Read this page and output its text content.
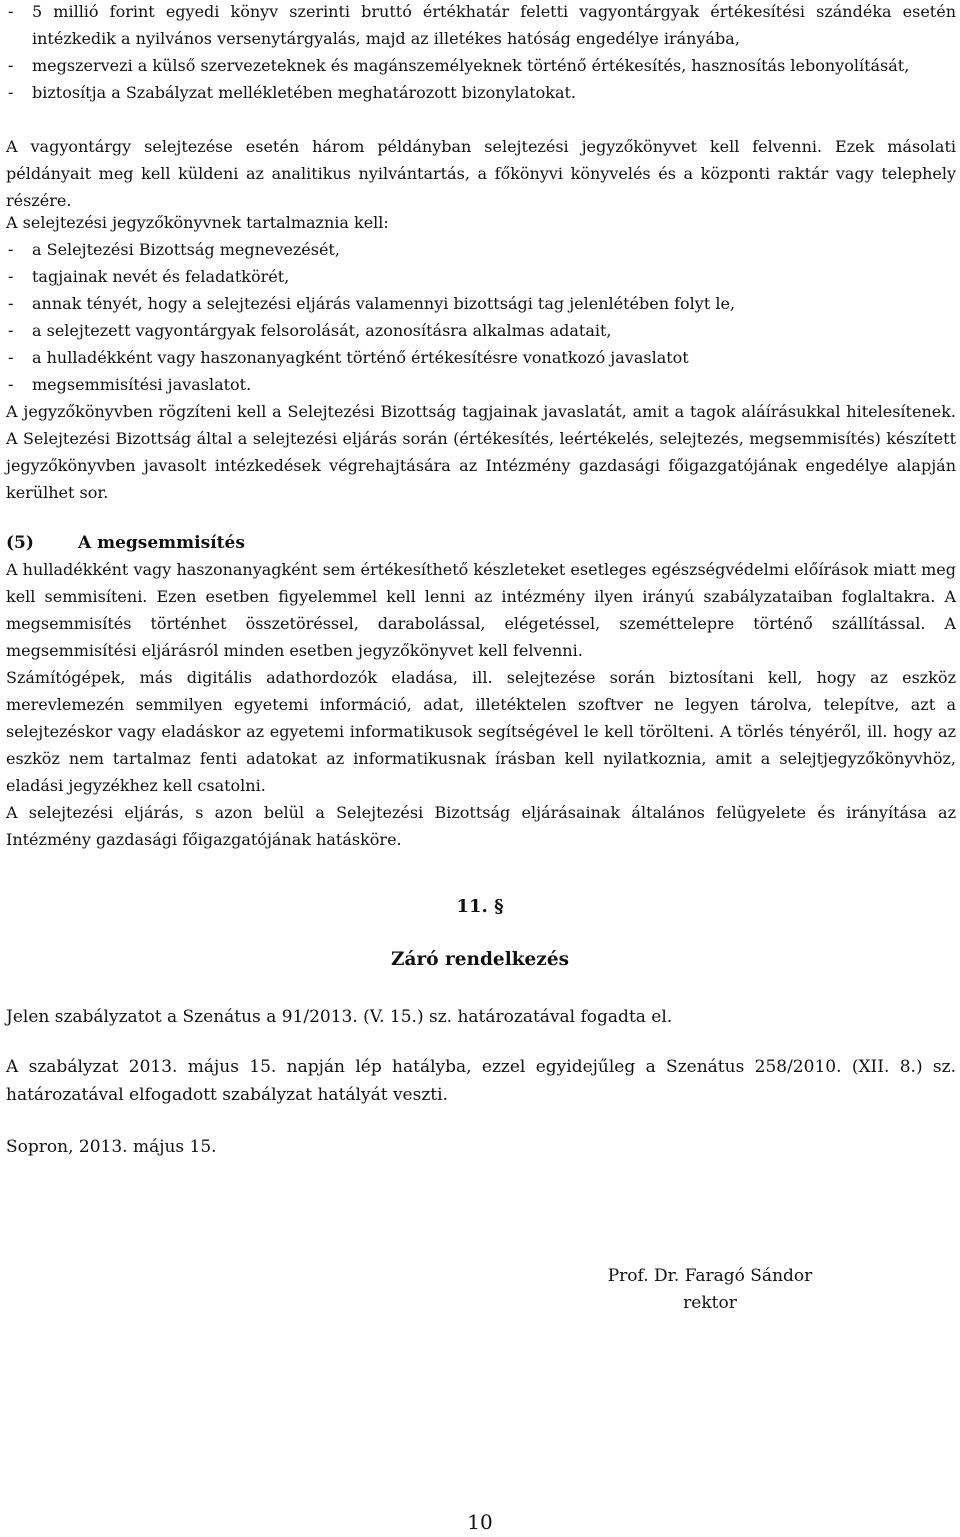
-	5 millió forint egyedi könyv szerinti bruttó értékhatár feletti vagyontárgyak értékesítési szándéka esetén intézkedik a nyilvános versenytárgyalás, majd az illetékes hatóság engedélye irányába,
-	megszervezi a külső szervezeteknek és magánszemélyeknek történő értékesítés, hasznosítás lebonyolítását,
-	biztosítja a Szabályzat mellékletében meghatározott bizonylatokat.
A vagyontárgy selejtezése esetén három példányban selejtezési jegyzőkönyvet kell felvenni. Ezek másolati példányait meg kell küldeni az analitikus nyilvántartás, a főkönyvi könyvelés és a központi raktár vagy telephely részére.

A selejtezési jegyzőkönyvnek tartalmaznia kell:

-	a Selejtezési Bizottság megnevezését,
-	tagjainak nevét és feladatkörét,
-	annak tényét, hogy a selejtezési eljárás valamennyi bizottsági tag jelenlétében folyt le,
-	a selejtezett vagyontárgyak felsorolását, azonosításra alkalmas adatait,
-	a hulladékként vagy haszonanyagként történő értékesítésre vonatkozó javaslatot
-	megsemmisítési javaslatot.
A jegyzőkönyvben rögzíteni kell a Selejtezési Bizottság tagjainak javaslatát, amit a tagok aláírásukkal hitelesítenek. A Selejtezési Bizottság által a selejtezési eljárás során (értékesítés, leértékelés, selejtezés, megsemmisítés) készített jegyzőkönyvben javasolt intézkedések végrehajtására az Intézmény gazdasági főigazgatójának engedélye alapján kerülhet sor.
(5)	A megsemmisítés

A hulladékként vagy haszonanyagként sem értékesíthető készleteket esetleges egészségvédelmi előírások miatt meg kell semmisíteni. Ezen esetben figyelemmel kell lenni az intézmény ilyen irányú szabályzataiban foglaltakra. A megsemmisítés történhet összetöréssel, darabolással, elégetéssel, szeméttelepre történő szállítással. A megsemmisítési eljárásról minden esetben jegyzőkönyvet kell felvenni.

Számítógépek, más digitális adathordozók eladása, ill. selejtezése során biztosítani kell, hogy az eszköz merevlemezén semmilyen egyetemi információ, adat, illetéktelen szoftver ne legyen tárolva, telepítve, azt a selejtezéskor vagy eladáskor az egyetemi informatikusok segítségével le kell törölteni. A törlés tényéről, ill. hogy az eszköz nem tartalmaz fenti adatokat az informatikusnak írásban kell nyilatkoznia, amit a selejtjegyzőkönyvhöz, eladási jegyzékhez kell csatolni.

A selejtezési eljárás, s azon belül a Selejtezési Bizottság eljárásainak általános felügyelete és irányítása az Intézmény gazdasági főigazgatójának hatásköre.

11. §
Záró rendelkezés
Jelen szabályzatot a Szenátus a 91/2013. (V. 15.) sz. határozatával fogadta el.
A szabályzat 2013. május 15. napján lép hatályba, ezzel egyidejűleg a Szenátus 258/2010. (XII. 8.) sz. határozatával elfogadott szabályzat hatályát veszti.
Sopron, 2013. május 15.
Prof. Dr. Faragó Sándor
rektor
10
